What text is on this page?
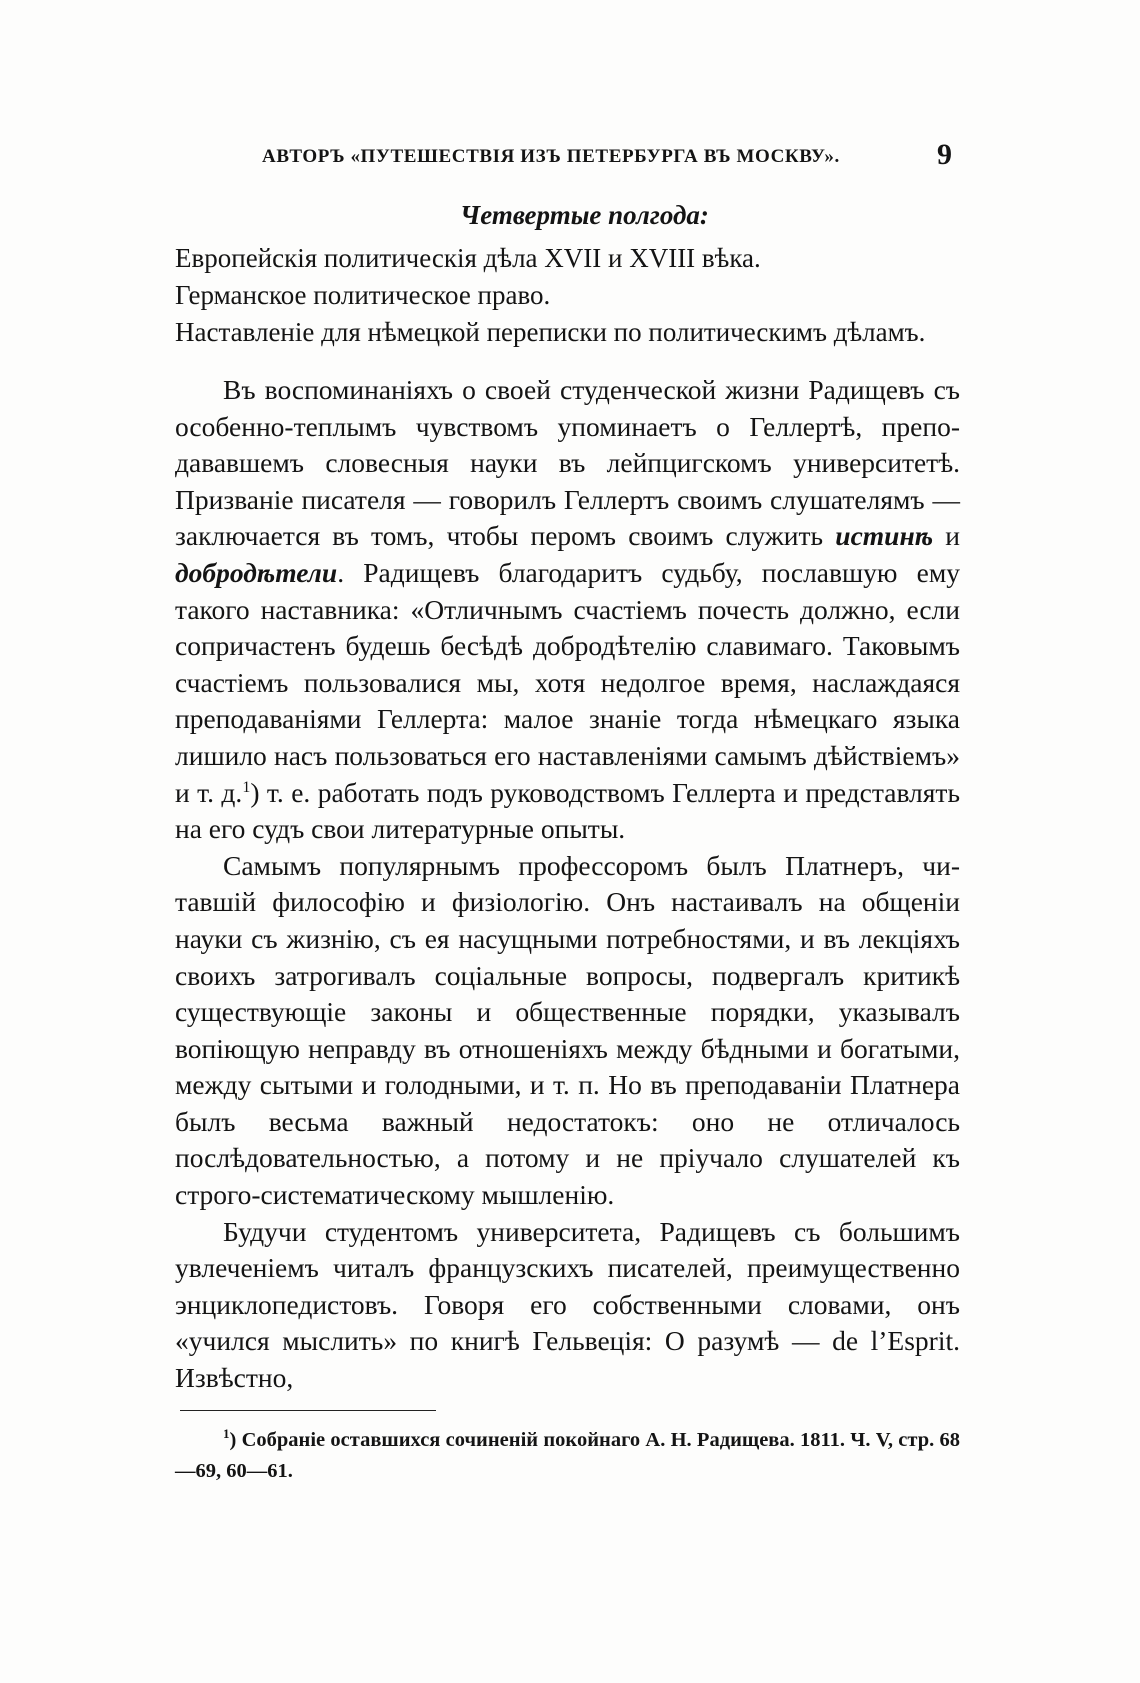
АВТОРЪ «ПУТЕШЕСТВІЯ ИЗЪ ПЕТЕРБУРГА ВЪ МОСКВУ».	9
Четвертые полгода:
Европейскія политическія дѣла XVII и XVIII вѣка.
Германское политическое право.
Наставленіе для нѣмецкой переписки по политическимъ дѣламъ.

Въ воспоминаніяхъ о своей студенческой жизни Радищевъ съ особенно-теплымъ чувствомъ упоминаетъ о Геллертѣ, преподававшемъ словесныя науки въ лейпцигскомъ университетѣ. Призваніе писателя — говорилъ Геллертъ своимъ слушателямъ — заключается въ томъ, чтобы перомъ своимъ служить истинѣ и добродѣтели. Радищевъ благодаритъ судьбу, пославшую ему такого наставника: «Отличнымъ счастіемъ почесть должно, если сопричастенъ будешь бесѣдѣ добродѣтелію славимаго. Таковымъ счастіемъ пользовалися мы, хотя недолгое время, наслаждаяся преподаваніями Геллерта: малое знаніе тогда нѣмецкаго языка лишило насъ пользоваться его наставленіями самымъ дѣйствіемъ» и т. д.$^1$) т. е. работать подъ руководствомъ Геллерта и представлять на его судъ свои литературные опыты.

Самымъ популярнымъ профессоромъ былъ Платнеръ, читавшій философію и физіологію. Онъ настаивалъ на общеніи науки съ жизнію, съ ея насущными потребностями, и въ лекціяхъ своихъ затрогивалъ соціальные вопросы, подвергалъ критикѣ существующіе законы и общественные порядки, указывалъ вопіющую неправду въ отношеніяхъ между бѣдными и богатыми, между сытыми и голодными, и т. п. Но въ преподаваніи Платнера былъ весьма важный недостатокъ: оно не отличалось послѣдовательностью, а потому и не пріучало слушателей къ строго-систематическому мышленію.

Будучи студентомъ университета, Радищевъ съ большимъ увлеченіемъ читалъ французскихъ писателей, преимущественно энциклопедистовъ. Говоря его собственными словами, онъ «учился мыслить» по книгѣ Гельвеція: О разумѣ — de l’Esprit. Извѣстно,

$^1$) Собраніе оставшихся сочиненій покойнаго А. Н. Радищева. 1811. Ч. V, стр. 68—69, 60—61.
